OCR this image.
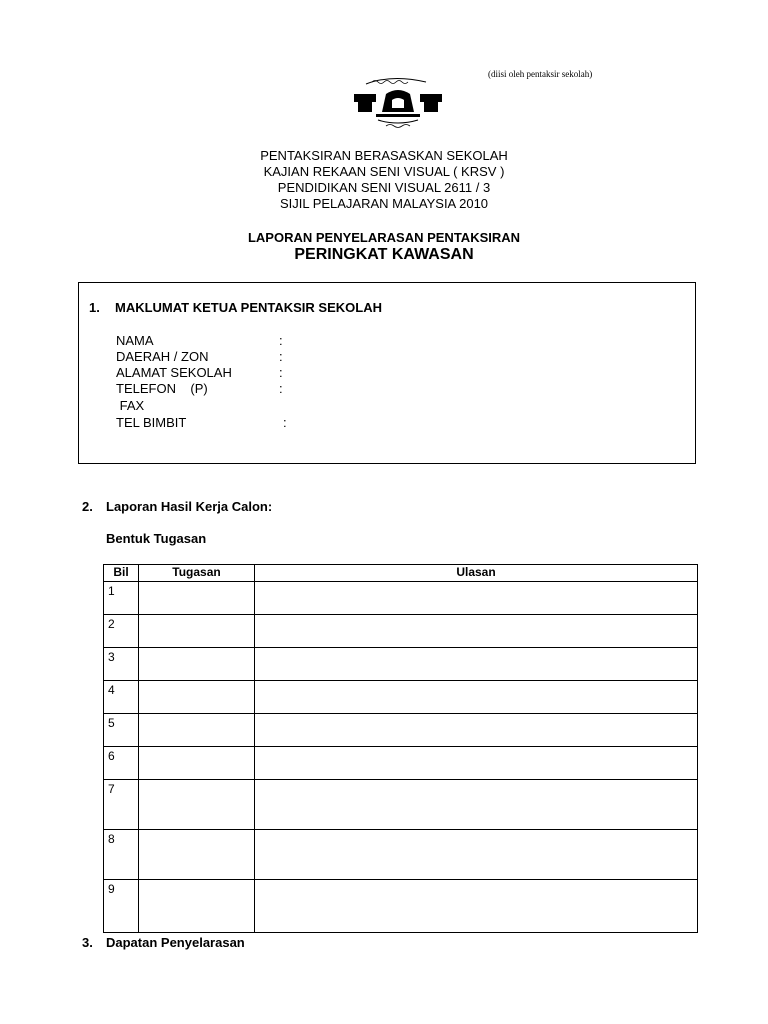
(diisi oleh pentaksir sekolah)
PENTAKSIRAN BERASASKAN SEKOLAH
KAJIAN REKAAN SENI VISUAL ( KRSV )
PENDIDIKAN SENI VISUAL 2611 / 3
SIJIL PELAJARAN MALAYSIA 2010
LAPORAN PENYELARASAN PENTAKSIRAN
PERINGKAT KAWASAN
1. MAKLUMAT KETUA PENTAKSIR SEKOLAH
NAMA	:
DAERAH / ZON	:
ALAMAT SEKOLAH	:
TELEFON    (P)	:
FAX
TEL BIMBIT	:
2. Laporan Hasil Kerja Calon:
Bentuk Tugasan
Bil	Tugasan	Ulasan
1		
2		
3		
4		
5		
6		
7		
8		
9		
3. Dapatan Penyelarasan
